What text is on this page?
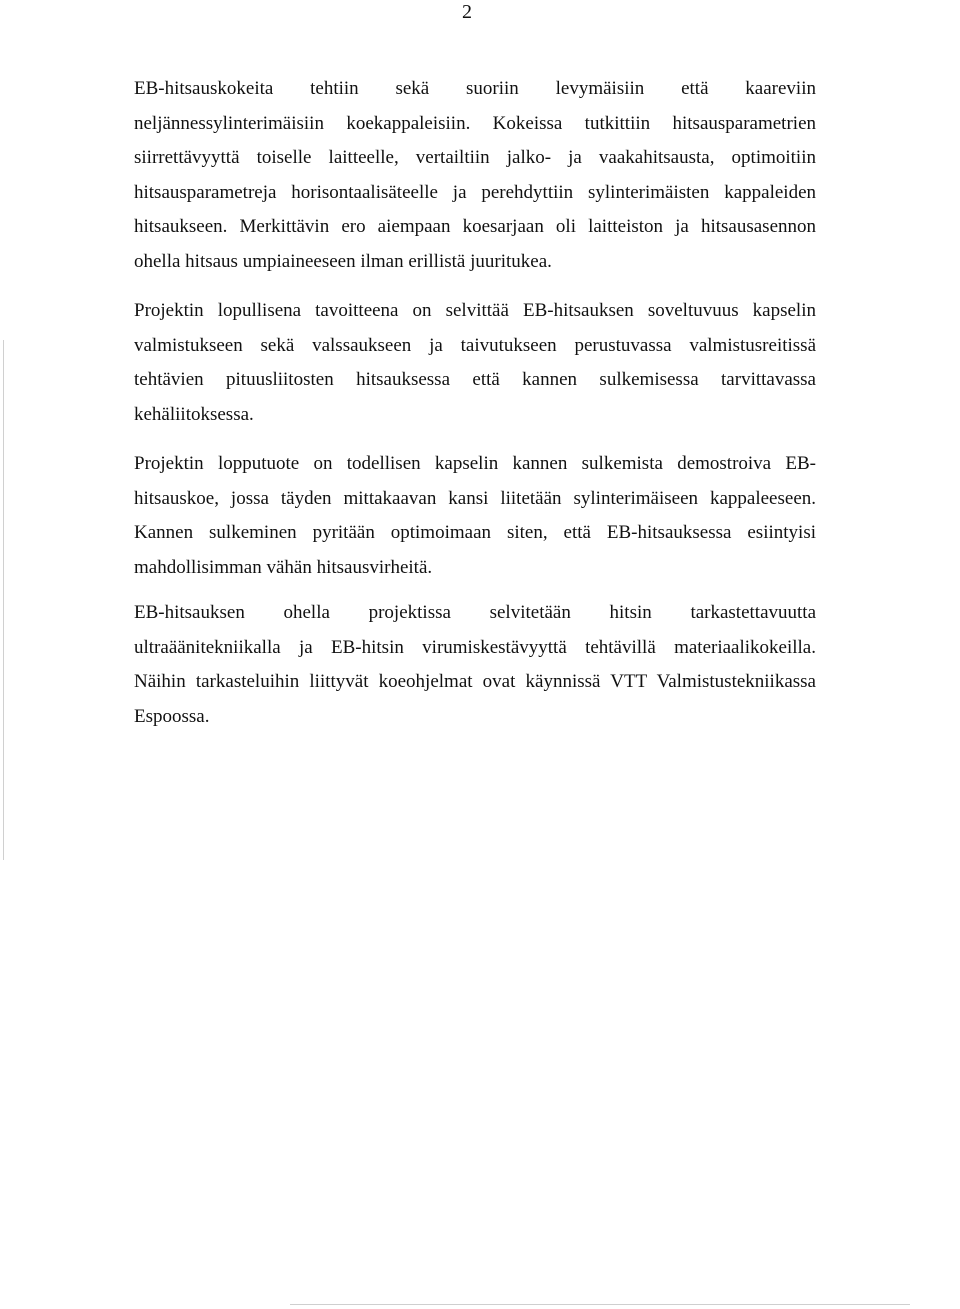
2
EB-hitsauskokeita tehtiin sekä suoriin levymäisiin että kaareviin
neljännessylinterimäisiin koekappaleisiin. Kokeissa tutkittiin hitsausparametrien
siirrettävyyttä toiselle laitteelle, vertailtiin jalko- ja vaakahitsausta, optimoitiin
hitsausparametreja horisontaalisäteelle ja perehdyttiin sylinterimäisten kappaleiden
hitsaukseen. Merkittävin ero aiempaan koesarjaan oli laitteiston ja hitsausasennon
ohella hitsaus umpiaineeseen ilman erillistä juuritukea.
Projektin lopullisena tavoitteena on selvittää EB-hitsauksen soveltuvuus kapselin
valmistukseen sekä valssaukseen ja taivutukseen perustuvassa valmistusreitissä
tehtävien pituusliitosten hitsauksessa että kannen sulkemisessa tarvittavassa
kehäliitoksessa.
Projektin lopputuote on todellisen kapselin kannen sulkemista demostroiva EB-
hitsauskoe, jossa täyden mittakaavan kansi liitetään sylinterimäiseen kappaleeseen.
Kannen sulkeminen pyritään optimoimaan siten, että EB-hitsauksessa esiintyisi
mahdollisimman vähän hitsausvirheitä.
EB-hitsauksen ohella projektissa selvitetään hitsin tarkastettavuutta
ultraäänitekniikalla ja EB-hitsin virumiskestävyyttä tehtävillä materiaalikokeilla.
Näihin tarkasteluihin liittyvät koeohjelmat ovat käynnissä VTT Valmistustekniikassa
Espoossa.
